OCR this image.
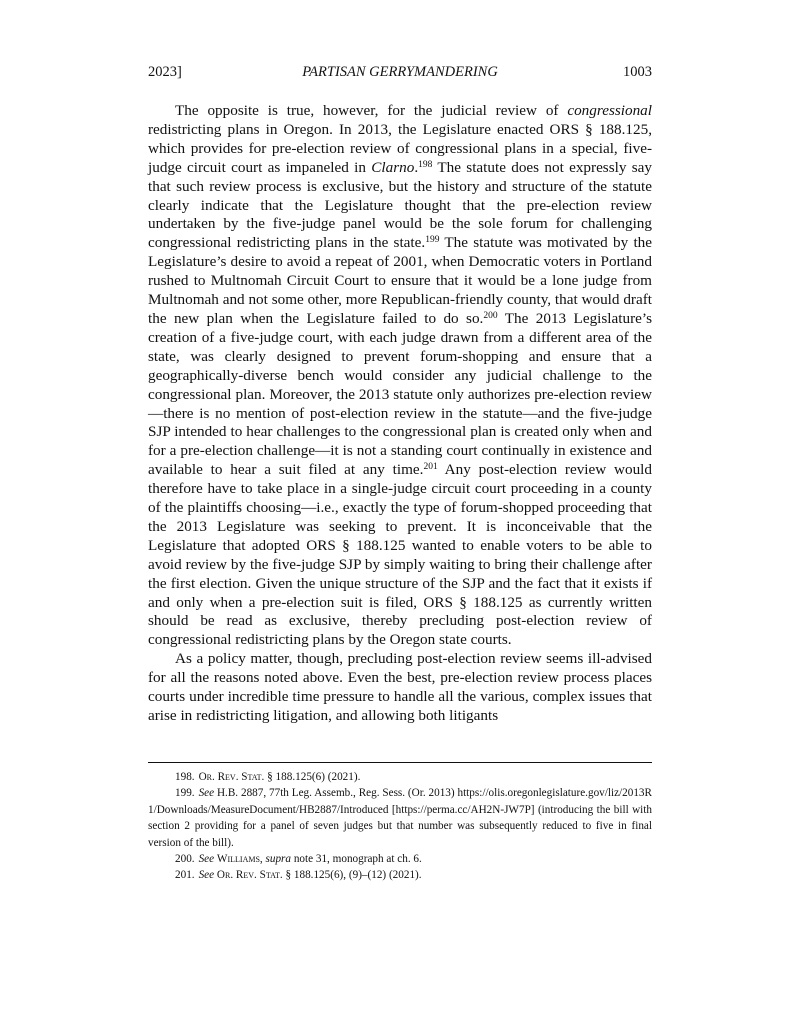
2023]	PARTISAN GERRYMANDERING	1003

The opposite is true, however, for the judicial review of congressional redistricting plans in Oregon. In 2013, the Legislature enacted ORS § 188.125, which provides for pre-election review of congressional plans in a special, five-judge circuit court as impaneled in Clarno.$^{198}$ The statute does not expressly say that such review process is exclusive, but the history and structure of the statute clearly indicate that the Legislature thought that the pre-election review undertaken by the five-judge panel would be the sole forum for challenging congressional redistricting plans in the state.$^{199}$ The statute was motivated by the Legislature’s desire to avoid a repeat of 2001, when Democratic voters in Portland rushed to Multnomah Circuit Court to ensure that it would be a lone judge from Multnomah and not some other, more Republican-friendly county, that would draft the new plan when the Legislature failed to do so.$^{200}$ The 2013 Legislature’s creation of a five-judge court, with each judge drawn from a different area of the state, was clearly designed to prevent forum-shopping and ensure that a geographically-diverse bench would consider any judicial challenge to the congressional plan. Moreover, the 2013 statute only authorizes pre-election review—there is no mention of post-election review in the statute—and the five-judge SJP intended to hear challenges to the congressional plan is created only when and for a pre-election challenge—it is not a standing court continually in existence and available to hear a suit filed at any time.$^{201}$ Any post-election review would therefore have to take place in a single-judge circuit court proceeding in a county of the plaintiffs choosing—i.e., exactly the type of forum-shopped proceeding that the 2013 Legislature was seeking to prevent. It is inconceivable that the Legislature that adopted ORS § 188.125 wanted to enable voters to be able to avoid review by the five-judge SJP by simply waiting to bring their challenge after the first election. Given the unique structure of the SJP and the fact that it exists if and only when a pre-election suit is filed, ORS § 188.125 as currently written should be read as exclusive, thereby precluding post-election review of congressional redistricting plans by the Oregon state courts.

As a policy matter, though, precluding post-election review seems ill-advised for all the reasons noted above. Even the best, pre-election review process places courts under incredible time pressure to handle all the various, complex issues that arise in redistricting litigation, and allowing both litigants

198. Or. Rev. Stat. § 188.125(6) (2021).

199. See H.B. 2887, 77th Leg. Assemb., Reg. Sess. (Or. 2013) https://olis.oregonlegislature.gov/liz/2013R1/Downloads/MeasureDocument/HB2887/Introduced [https://perma.cc/AH2N-JW7P] (introducing the bill with section 2 providing for a panel of seven judges but that number was subsequently reduced to five in final version of the bill).

200. See Williams, supra note 31, monograph at ch. 6.

201. See Or. Rev. Stat. § 188.125(6), (9)–(12) (2021).
